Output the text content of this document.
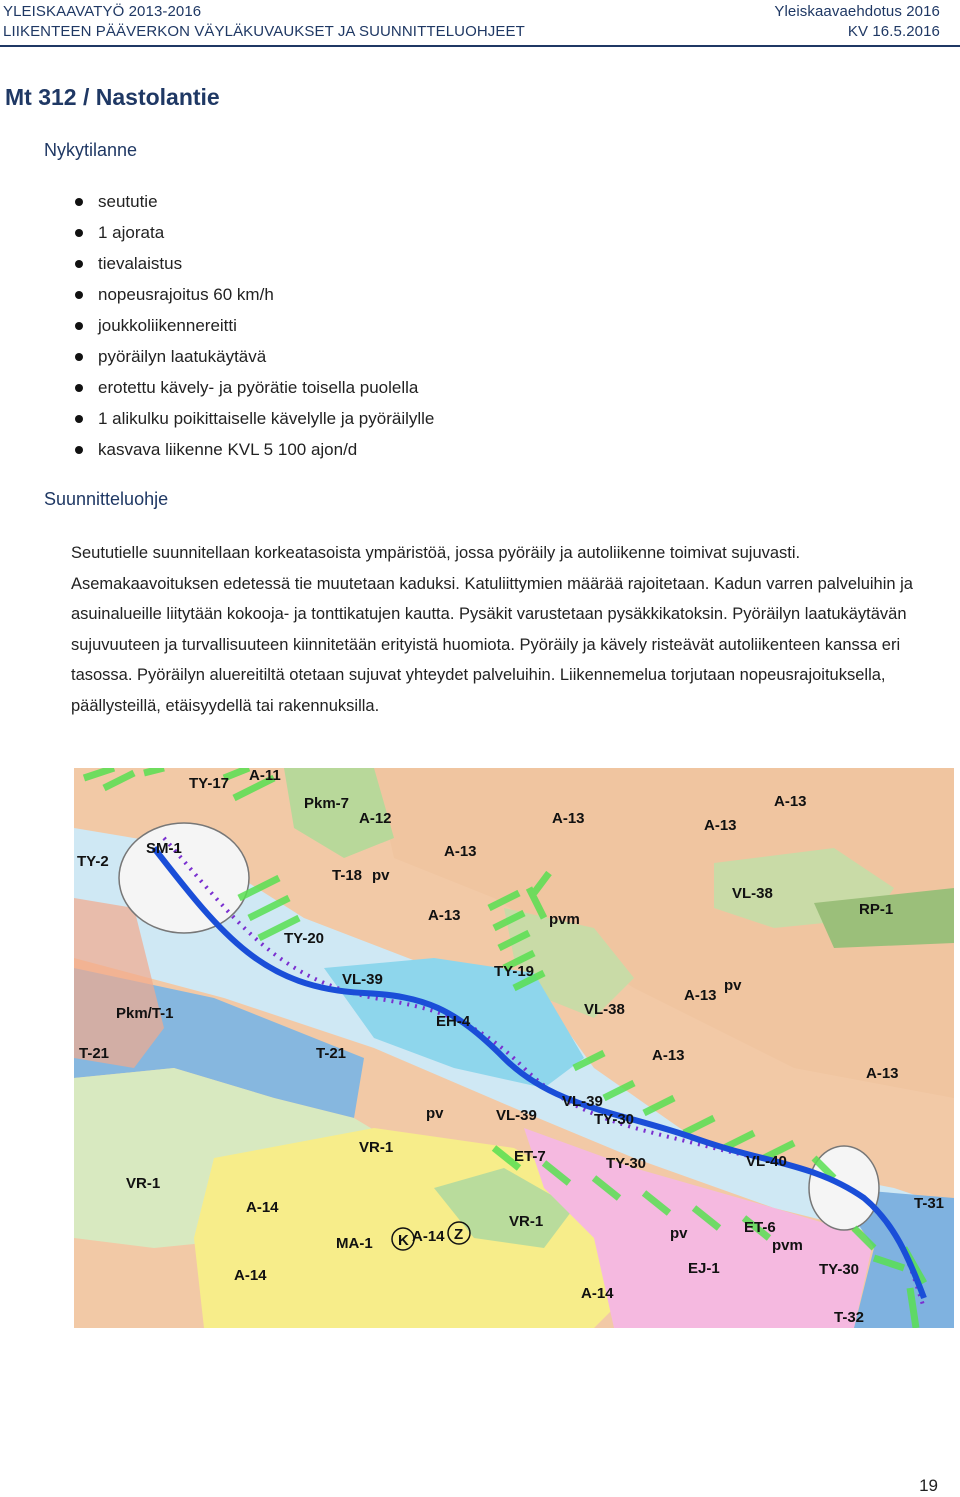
YLEISKAAVATYÖ 2013-2016
LIIKENTEEN PÄÄVERKON VÄYLÄKUVAUKSET JA SUUNNITTELUOHJEET
Yleiskaavaehdotus 2016
KV 16.5.2016
Mt 312 / Nastolantie

Nykytilanne

seututie
1 ajorata
tievalaistus
nopeusrajoitus 60 km/h
joukkoliikennereitti
pyöräilyn laatukäytävä
erotettu kävely- ja pyörätie toisella puolella
1 alikulku poikittaiselle kävelylle ja pyöräilylle
kasvava liikenne KVL 5 100 ajon/d

Suunnitteluohje

Seututielle suunnitellaan korkeatasoista ympäristöä, jossa pyöräily ja autoliikenne toimivat sujuvasti. Asemakaavoituksen edetessä tie muutetaan kaduksi. Katuliittymien määrää rajoitetaan. Kadun varren palveluihin ja asuinalueille liitytään kokooja- ja tonttikatujen kautta. Pysäkit varustetaan pysäkkikatoksin. Pyöräilyn laatukäytävän sujuvuuteen ja turvallisuuteen kiinnitetään erityistä huomiota. Pyöräily ja kävely risteävät autoliikenteen kanssa eri tasossa. Pyöräilyn aluereitiltä otetaan sujuvat yhteydet palveluihin. Liikennemelua torjutaan nopeusrajoituksella, päällysteillä, etäisyydellä tai rakennuksilla.

TY-17 A-11
Pkm-7
A-12	A-13
A-13
A-13
A-13
SM-1
TY-2
T-18 pv
pvm
A-13
VL-38
RP-1
TY-20
VL-39	TY-19
A-13
pv
VL-38
Pkm/T-1	EH-4
A-13
A-13
T-21	T-21
pv	VL-39
VL-39
TY-30
ET-7	TY-30	VL-40
VR-1
VR-1
VR-1
A-14
A-14
A-14
A-14
T-31
ET-6
pv
pvm
MA-1 K	Z
EJ-1	TY-30
T-32
19
